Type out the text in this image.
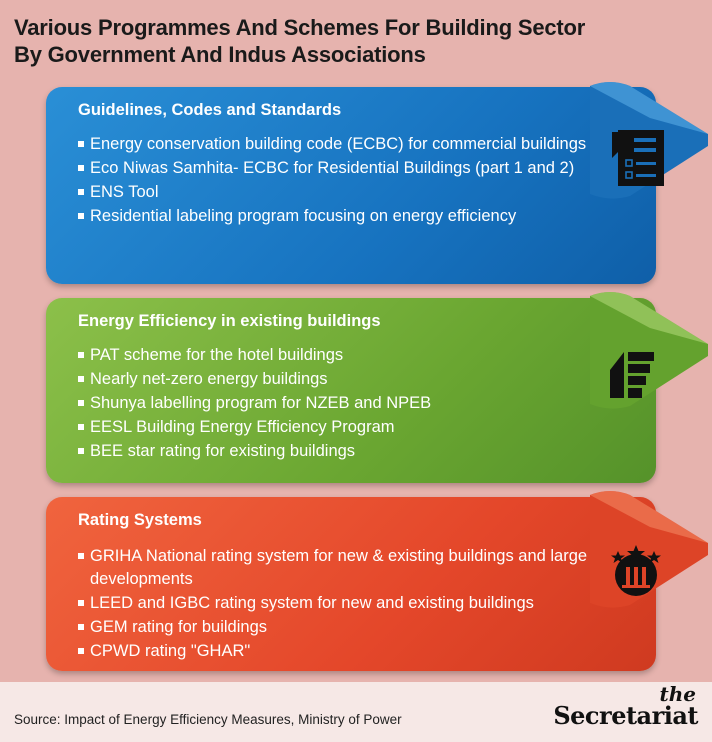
Various Programmes And Schemes For Building Sector
By Government And Indus Associations
Guidelines, Codes and Standards
Energy conservation building code (ECBC) for commercial buildings
Eco Niwas Samhita- ECBC for Residential Buildings (part 1 and 2)
ENS Tool
Residential labeling program focusing on energy efficiency
Energy Efficiency in existing buildings
PAT scheme for the hotel buildings
Nearly net-zero energy buildings
Shunya labelling program for NZEB and NPEB
EESL Building Energy Efficiency Program
BEE star rating for existing buildings
Rating Systems
GRIHA National rating system for new & existing buildings and large developments
LEED and IGBC rating system for new and existing buildings
GEM rating for buildings
CPWD rating "GHAR"
Source: Impact of Energy Efficiency Measures, Ministry of Power
the
Secretariat
